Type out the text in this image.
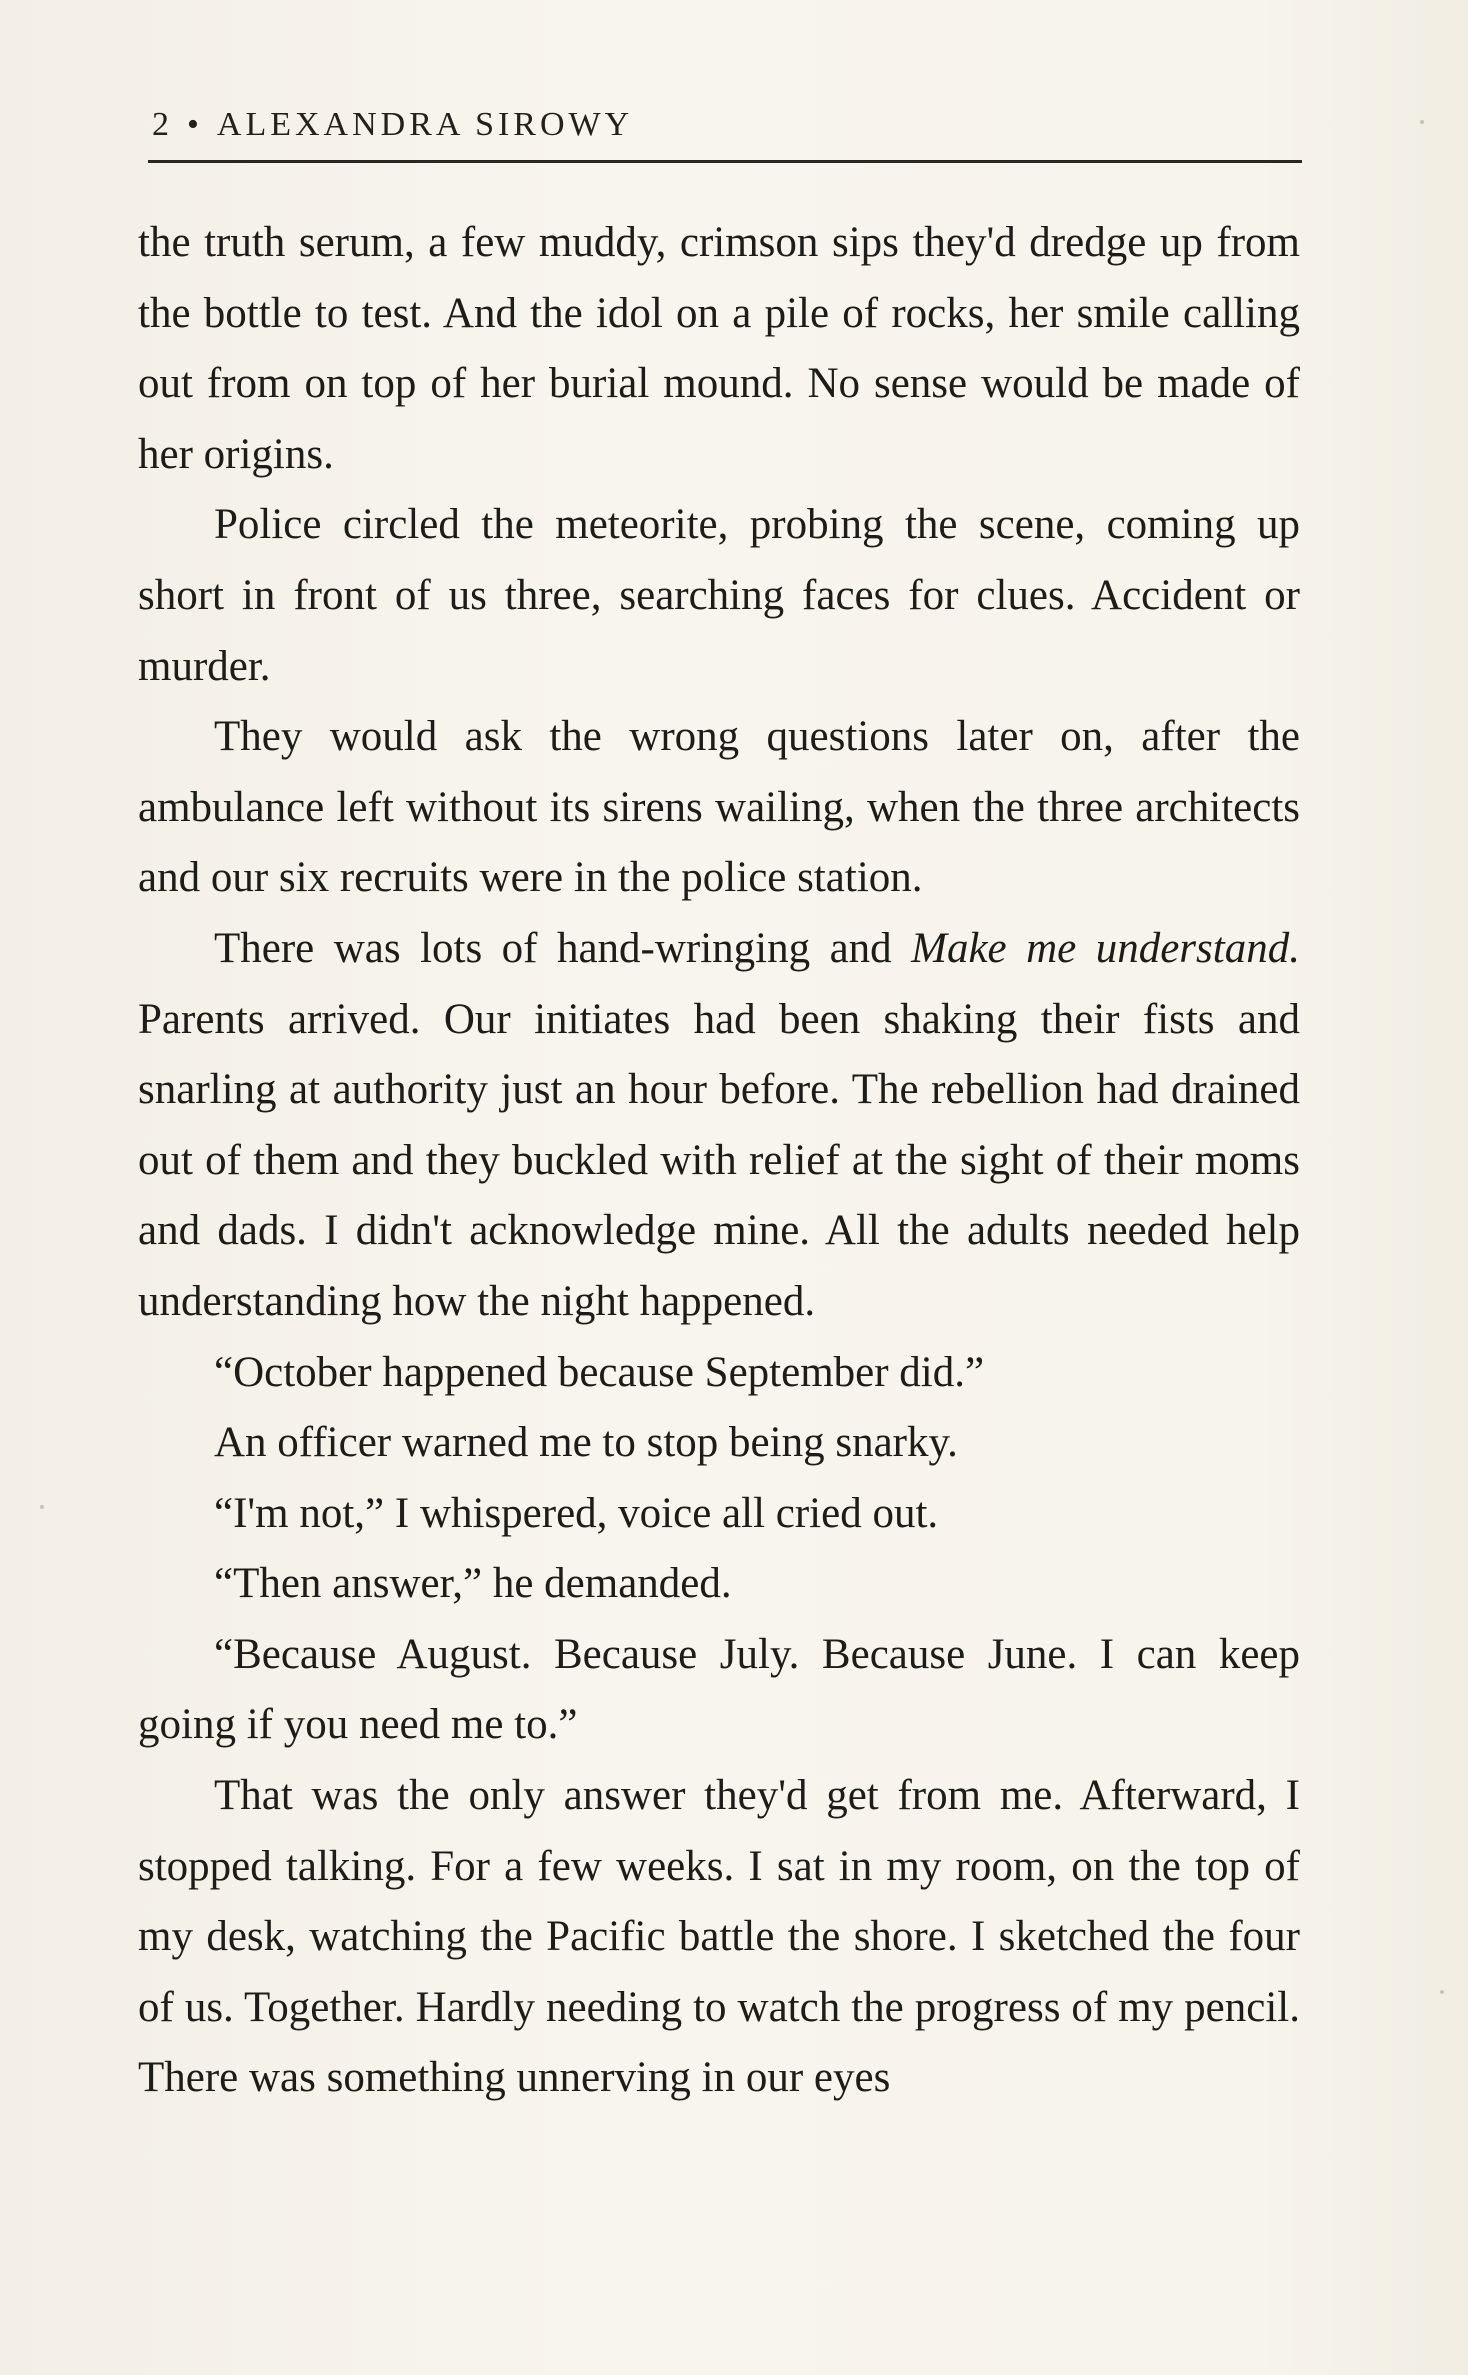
2 • ALEXANDRA SIROWY

the truth serum, a few muddy, crimson sips they'd dredge up from the bottle to test. And the idol on a pile of rocks, her smile calling out from on top of her burial mound. No sense would be made of her origins.

Police circled the meteorite, probing the scene, coming up short in front of us three, searching faces for clues. Accident or murder.

They would ask the wrong questions later on, after the ambulance left without its sirens wailing, when the three architects and our six recruits were in the police station.

There was lots of hand-wringing and Make me understand. Parents arrived. Our initiates had been shaking their fists and snarling at authority just an hour before. The rebellion had drained out of them and they buckled with relief at the sight of their moms and dads. I didn't acknowledge mine. All the adults needed help understanding how the night happened.

“October happened because September did.”

An officer warned me to stop being snarky.

“I'm not,” I whispered, voice all cried out.

“Then answer,” he demanded.

“Because August. Because July. Because June. I can keep going if you need me to.”

That was the only answer they'd get from me. Afterward, I stopped talking. For a few weeks. I sat in my room, on the top of my desk, watching the Pacific battle the shore. I sketched the four of us. Together. Hardly needing to watch the progress of my pencil. There was something unnerving in our eyes
